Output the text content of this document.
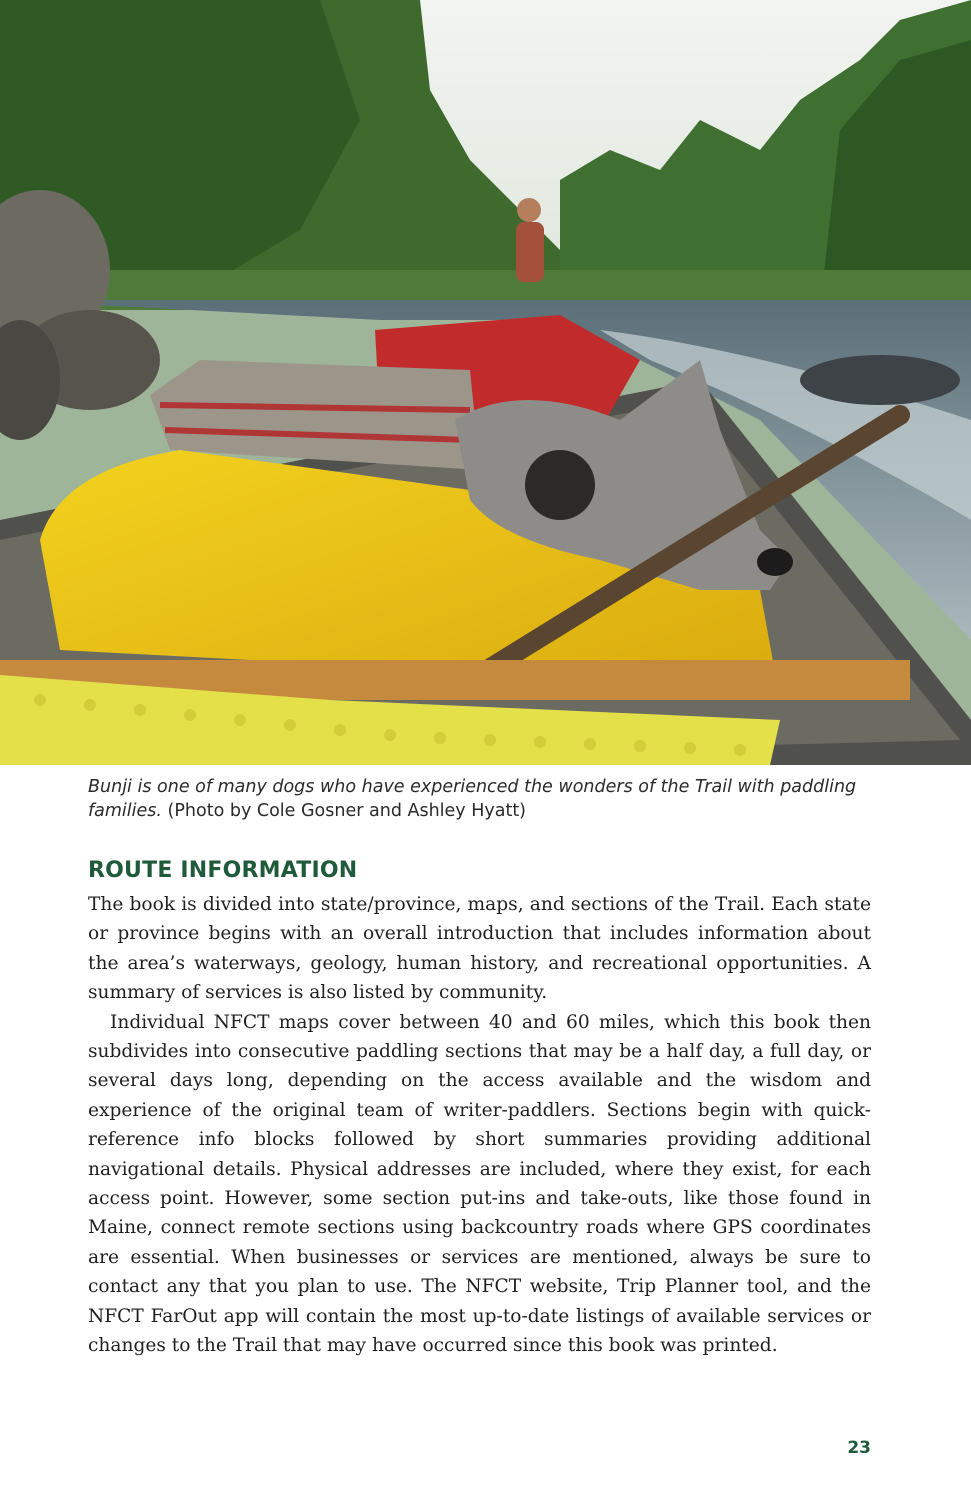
Bunji is one of many dogs who have experienced the wonders of the Trail with paddling families. (Photo by Cole Gosner and Ashley Hyatt)
ROUTE INFORMATION

The book is divided into state/province, maps, and sections of the Trail. Each state or province begins with an overall introduction that includes information about the area’s waterways, geology, human history, and recreational opportunities. A summary of services is also listed by community.

Individual NFCT maps cover between 40 and 60 miles, which this book then subdivides into consecutive paddling sections that may be a half day, a full day, or several days long, depending on the access available and the wisdom and experience of the original team of writer-paddlers. Sections begin with quick-reference info blocks followed by short summaries providing additional navigational details. Physical addresses are included, where they exist, for each access point. However, some section put-ins and take-outs, like those found in Maine, connect remote sections using backcountry roads where GPS coordinates are essential. When businesses or services are mentioned, always be sure to contact any that you plan to use. The NFCT website, Trip Planner tool, and the NFCT FarOut app will contain the most up-to-date listings of available services or changes to the Trail that may have occurred since this book was printed.

23
